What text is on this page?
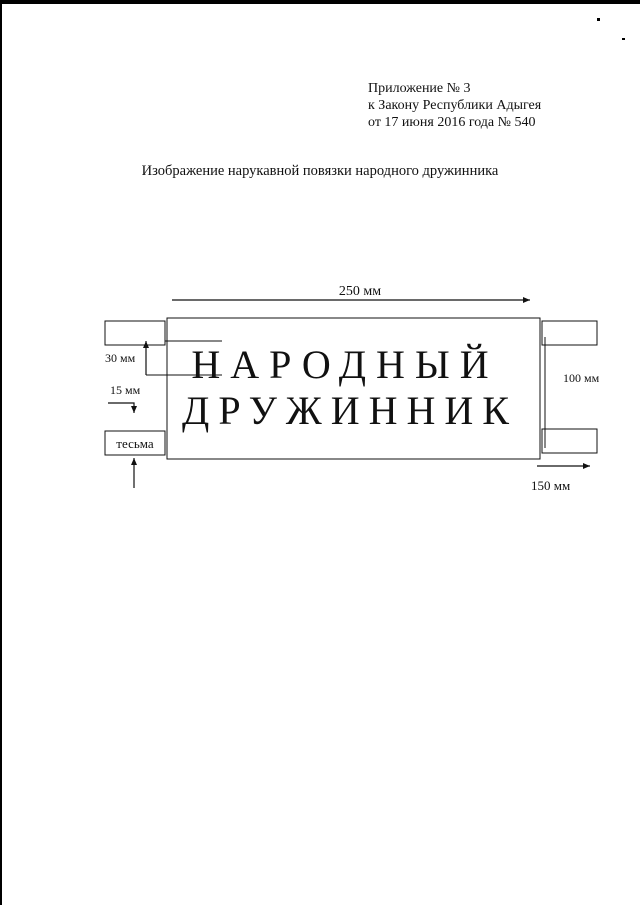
Приложение № 3
к Закону Республики Адыгея
от 17 июня 2016 года № 540
Изображение нарукавной повязки народного дружинника
250 мм
НАРОДНЫЙ
ДРУЖИННИК
тесьма
30 мм
15 мм
100 мм
150 мм
